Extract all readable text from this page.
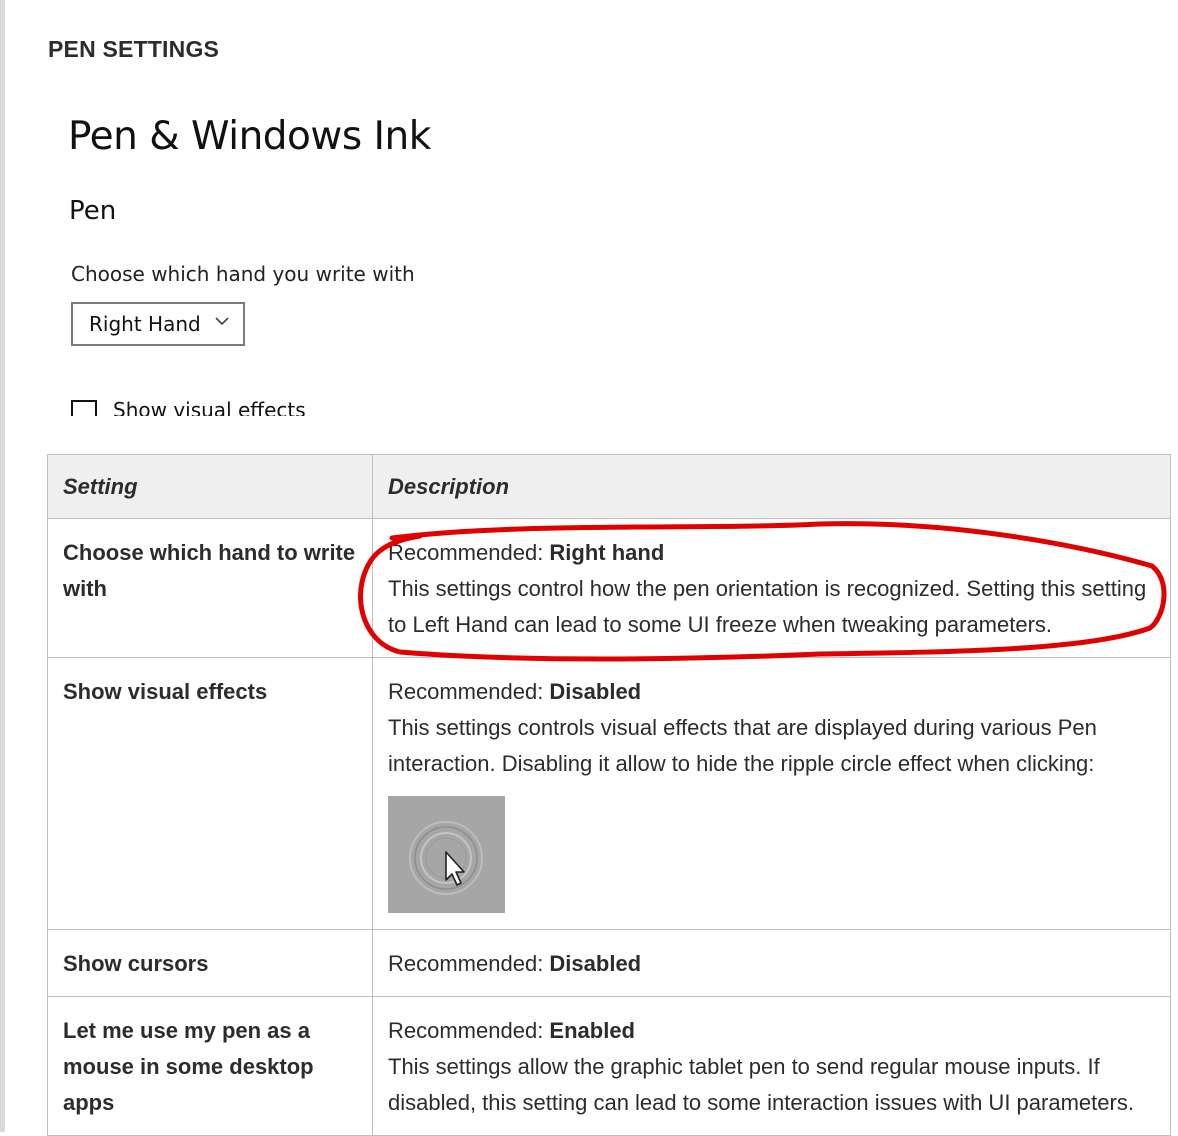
PEN SETTINGS
Pen & Windows Ink
Pen
Choose which hand you write with
Right Hand
Show visual effects
Setting	Description
Choose which hand to write with	Recommended: Right hand
This settings control how the pen orientation is recognized. Setting this setting to Left Hand can lead to some UI freeze when tweaking parameters.
Show visual effects	Recommended: Disabled
This settings controls visual effects that are displayed during various Pen interaction. Disabling it allow to hide the ripple circle effect when clicking:

Show cursors	Recommended: Disabled
Let me use my pen as a mouse in some desktop apps	Recommended: Enabled
This settings allow the graphic tablet pen to send regular mouse inputs. If disabled, this setting can lead to some interaction issues with UI parameters.
